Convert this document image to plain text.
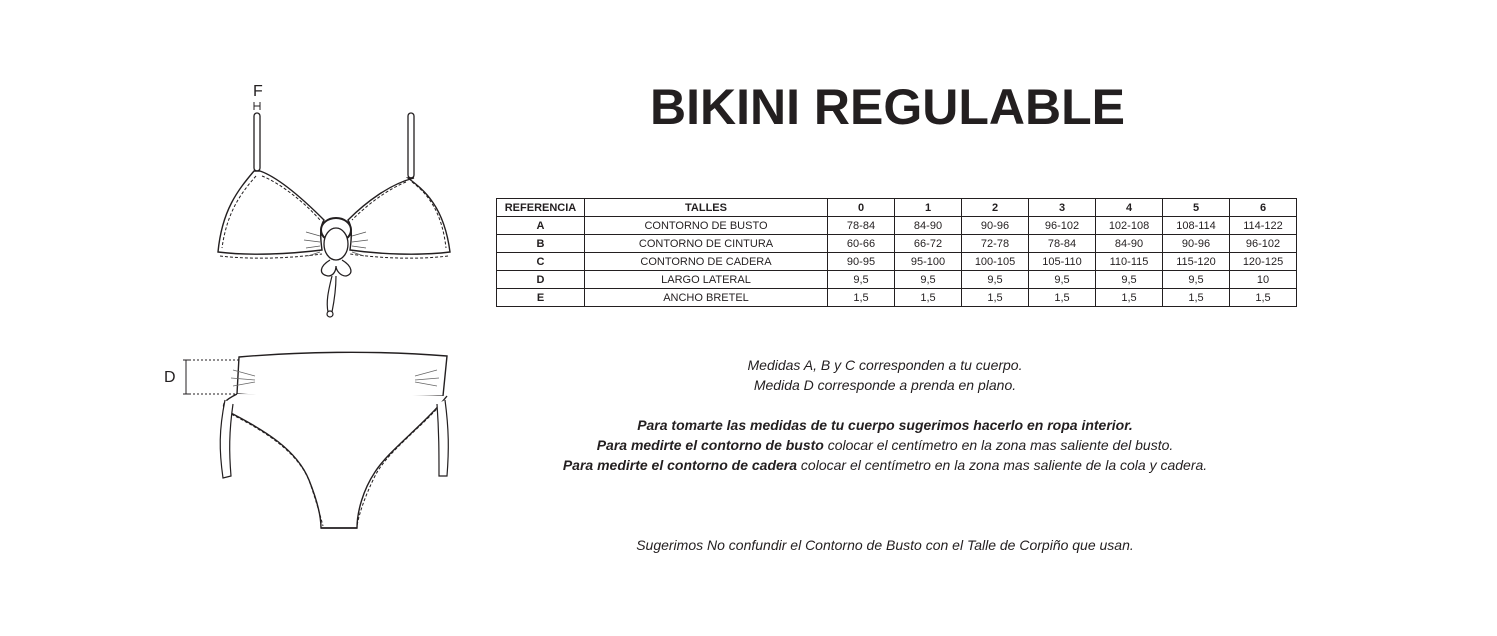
BIKINI REGULABLE
F
D
REFERENCIA	TALLES	0	1	2	3	4	5	6
A	CONTORNO DE BUSTO	78-84	84-90	90-96	96-102	102-108	108-114	114-122
B	CONTORNO DE CINTURA	60-66	66-72	72-78	78-84	84-90	90-96	96-102
C	CONTORNO DE CADERA	90-95	95-100	100-105	105-110	110-115	115-120	120-125
D	LARGO LATERAL	9,5	9,5	9,5	9,5	9,5	9,5	10
E	ANCHO BRETEL	1,5	1,5	1,5	1,5	1,5	1,5	1,5
Medidas A, B y C corresponden a tu cuerpo.
Medida D corresponde a prenda en plano.
Para tomarte las medidas de tu cuerpo sugerimos hacerlo en ropa interior.
Para medirte el contorno de busto colocar el centímetro en la zona mas saliente del busto.
Para medirte el contorno de cadera colocar el centímetro en la zona mas saliente de la cola y cadera.
Sugerimos No confundir el Contorno de Busto con el Talle de Corpiño que usan.
